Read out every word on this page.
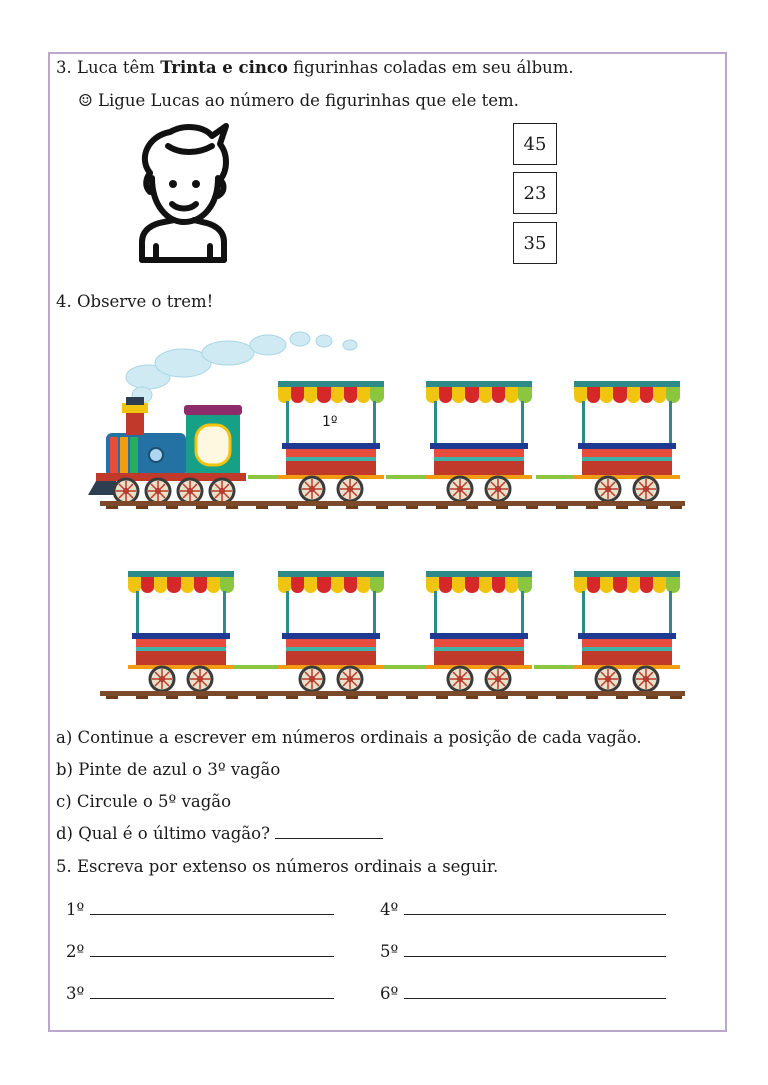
3. Luca têm Trinta e cinco figurinhas coladas em seu álbum.
☺ Ligue Lucas ao número de figurinhas que ele tem.
45
23
35
4. Observe o trem!
1º
a) Continue a escrever em números ordinais a posição de cada vagão.
b) Pinte de azul o 3º vagão
c) Circule o 5º vagão
d) Qual é o último vagão?
5. Escreva por extenso os números ordinais a seguir.
1º	4º
2º	5º
3º	6º
